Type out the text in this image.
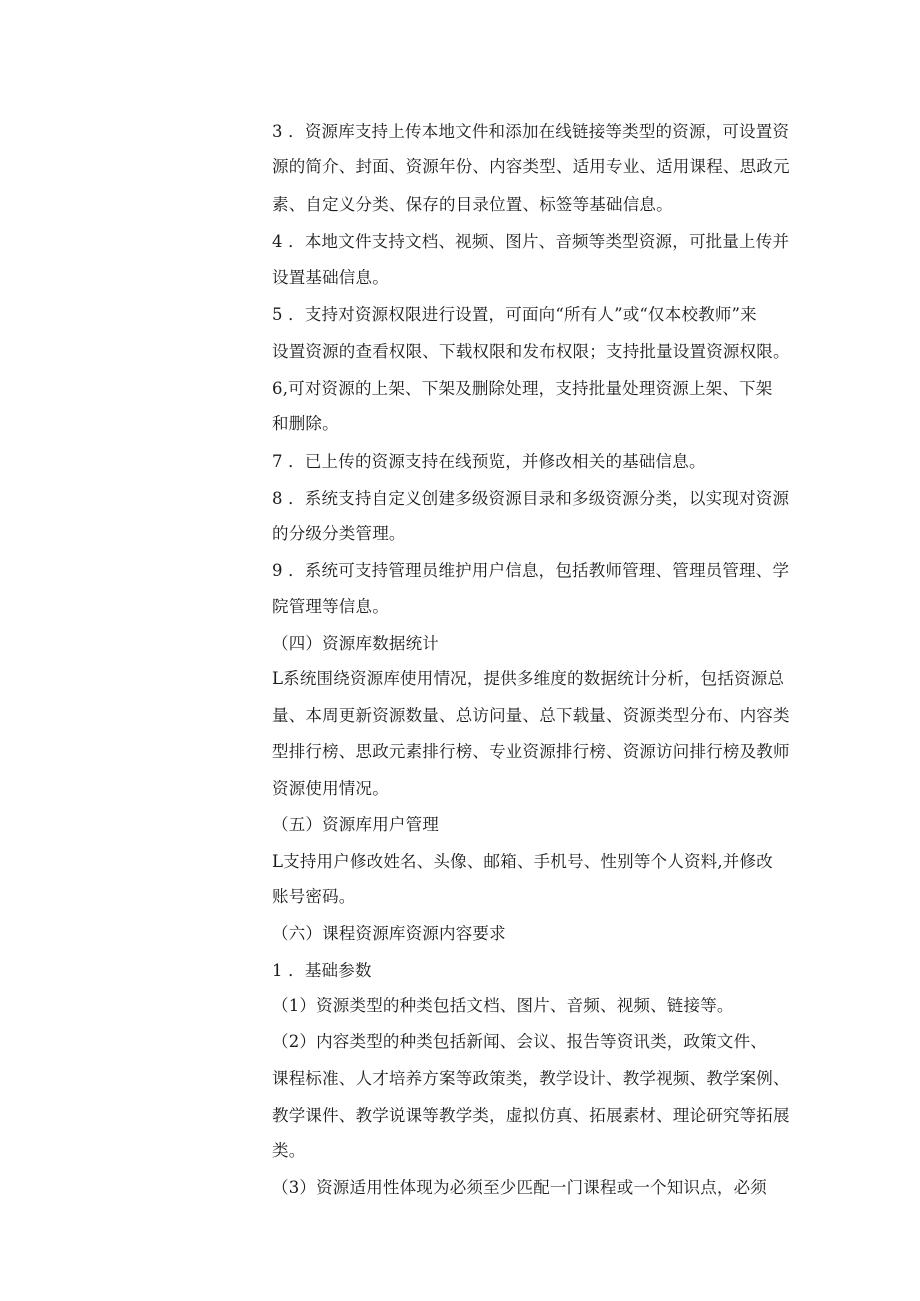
3 ．资源库支持上传本地文件和添加在线链接等类型的资源，可设置资
源的简介、封面、资源年份、内容类型、适用专业、适用课程、思政元
素、自定义分类、保存的目录位置、标签等基础信息。
4 ．本地文件支持文档、视频、图片、音频等类型资源，可批量上传并
设置基础信息。
5 ．支持对资源权限进行设置，可面向“所有人”或“仅本校教师”来
设置资源的查看权限、下载权限和发布权限；支持批量设置资源权限。
6,可对资源的上架、下架及删除处理，支持批量处理资源上架、下架
和删除。
7 ．已上传的资源支持在线预览，并修改相关的基础信息。
8 ．系统支持自定义创建多级资源目录和多级资源分类，以实现对资源
的分级分类管理。
9 ．系统可支持管理员维护用户信息，包括教师管理、管理员管理、学
院管理等信息。
（四）资源库数据统计
L系统围绕资源库使用情况，提供多维度的数据统计分析，包括资源总
量、本周更新资源数量、总访问量、总下载量、资源类型分布、内容类
型排行榜、思政元素排行榜、专业资源排行榜、资源访问排行榜及教师
资源使用情况。
（五）资源库用户管理
L支持用户修改姓名、头像、邮箱、手机号、性别等个人资料,并修改
账号密码。
（六）课程资源库资源内容要求
1 ．基础参数
（1）资源类型的种类包括文档、图片、音频、视频、链接等。
（2）内容类型的种类包括新闻、会议、报告等资讯类，政策文件、
课程标准、人才培养方案等政策类，教学设计、教学视频、教学案例、
教学课件、教学说课等教学类，虚拟仿真、拓展素材、理论研究等拓展
类。
（3）资源适用性体现为必须至少匹配一门课程或一个知识点，必须
